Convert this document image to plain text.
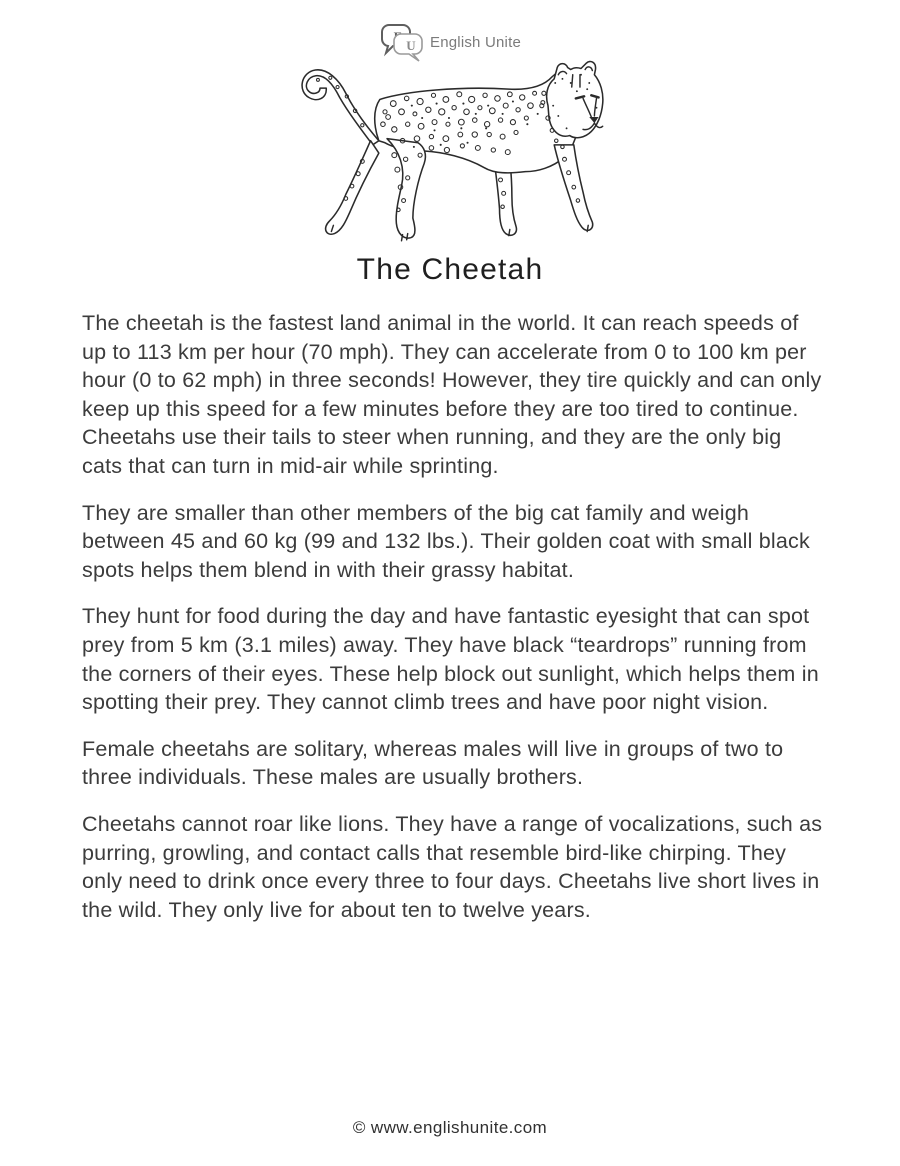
U English Unite
The Cheetah

The cheetah is the fastest land animal in the world. It can reach speeds of up to 113 km per hour (70 mph). They can accelerate from 0 to 100 km per hour (0 to 62 mph) in three seconds! However, they tire quickly and can only keep up this speed for a few minutes before they are too tired to continue. Cheetahs use their tails to steer when running, and they are the only big cats that can turn in mid-air while sprinting.

They are smaller than other members of the big cat family and weigh between 45 and 60 kg (99 and 132 lbs.). Their golden coat with small black spots helps them blend in with their grassy habitat.

They hunt for food during the day and have fantastic eyesight that can spot prey from 5 km (3.1 miles) away. They have black “teardrops” running from the corners of their eyes. These help block out sunlight, which helps them in spotting their prey. They cannot climb trees and have poor night vision.

Female cheetahs are solitary, whereas males will live in groups of two to three individuals. These males are usually brothers.

Cheetahs cannot roar like lions. They have a range of vocalizations, such as purring, growling, and contact calls that resemble bird-like chirping. They only need to drink once every three to four days. Cheetahs live short lives in the wild. They only live for about ten to twelve years.

© www.englishunite.com
